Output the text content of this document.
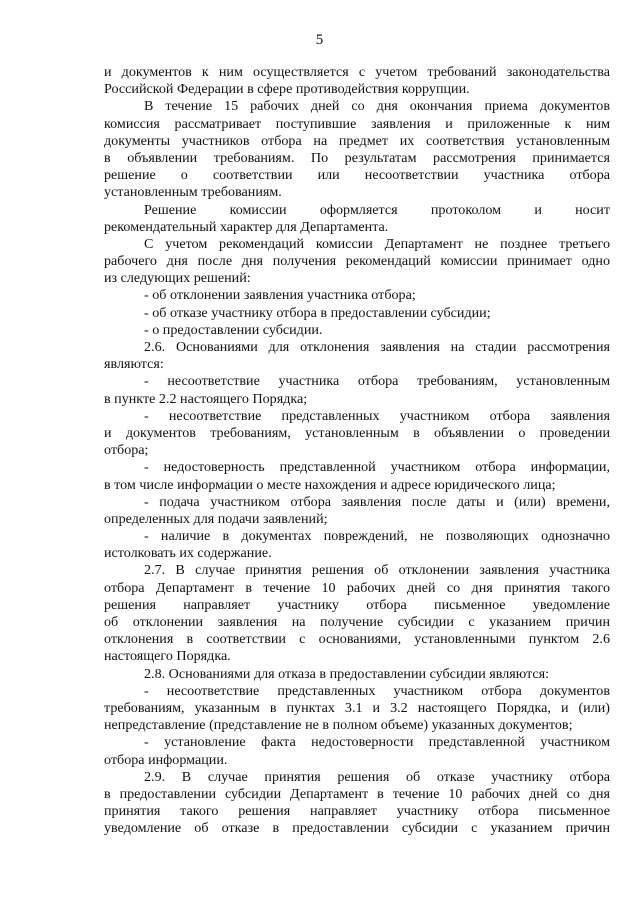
5
и документов к ним осуществляется с учетом требований законодательства
Российской Федерации в сфере противодействия коррупции.
В течение 15 рабочих дней со дня окончания приема документов
комиссия рассматривает поступившие заявления и приложенные к ним
документы участников отбора на предмет их соответствия установленным
в объявлении требованиям. По результатам рассмотрения принимается
решение о соответствии или несоответствии участника отбора
установленным требованиям.
Решение комиссии оформляется протоколом и носит
рекомендательный характер для Департамента.
С учетом рекомендаций комиссии Департамент не позднее третьего
рабочего дня после дня получения рекомендаций комиссии принимает одно
из следующих решений:
- об отклонении заявления участника отбора;
- об отказе участнику отбора в предоставлении субсидии;
- о предоставлении субсидии.
2.6. Основаниями для отклонения заявления на стадии рассмотрения
являются:
- несоответствие участника отбора требованиям, установленным
в пункте 2.2 настоящего Порядка;
- несоответствие представленных участником отбора заявления
и документов требованиям, установленным в объявлении о проведении
отбора;
- недостоверность представленной участником отбора информации,
в том числе информации о месте нахождения и адресе юридического лица;
- подача участником отбора заявления после даты и (или) времени,
определенных для подачи заявлений;
- наличие в документах повреждений, не позволяющих однозначно
истолковать их содержание.
2.7. В случае принятия решения об отклонении заявления участника
отбора Департамент в течение 10 рабочих дней со дня принятия такого
решения направляет участнику отбора письменное уведомление
об отклонении заявления на получение субсидии с указанием причин
отклонения в соответствии с основаниями, установленными пунктом 2.6
настоящего Порядка.
2.8. Основаниями для отказа в предоставлении субсидии являются:
- несоответствие представленных участником отбора документов
требованиям, указанным в пунктах 3.1 и 3.2 настоящего Порядка, и (или)
непредставление (представление не в полном объеме) указанных документов;
- установление факта недостоверности представленной участником
отбора информации.
2.9. В случае принятия решения об отказе участнику отбора
в предоставлении субсидии Департамент в течение 10 рабочих дней со дня
принятия такого решения направляет участнику отбора письменное
уведомление об отказе в предоставлении субсидии с указанием причин
